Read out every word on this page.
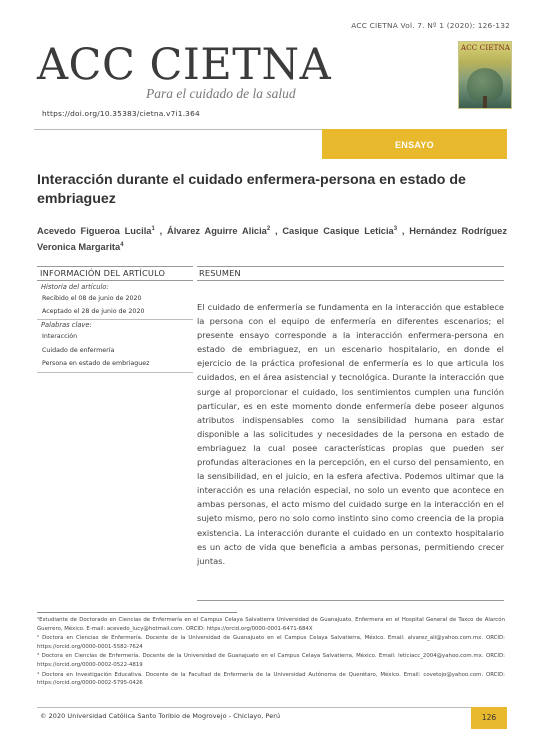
ACC CIETNA Vol. 7. Nº 1 (2020): 126-132
ACC CIETNA
Para el cuidado de la salud
ACC CIETNA
https://doi.org/10.35383/cietna.v7i1.364
ENSAYO
Interacción durante el cuidado enfermera-persona en estado de embriaguez
Acevedo Figueroa Lucila$^1$ , Álvarez Aguirre Alicia$^2$ , Casique Casique Leticia$^3$ , Hernández Rodríguez Veronica Margarita$^4$
INFORMACIÓN DEL ARTÍCULO	RESUMEN
Historia del artículo:
Recibido el 08 de junio de 2020
Aceptado el 28 de junio de 2020
Palabras clave:
Interacción
Cuidado de enfermería
Persona en estado de embriaguez

El cuidado de enfermería se fundamenta en la interacción que establece la persona con el equipo de enfermería en diferentes escenarios; el presente ensayo corresponde a la interacción enfermera-persona en estado de embriaguez, en un escenario hospitalario, en donde el ejercicio de la práctica profesional de enfermería es lo que articula los cuidados, en el área asistencial y tecnológica. Durante la interacción que surge al proporcionar el cuidado, los sentimientos cumplen una función particular, es en este momento donde enfermería debe poseer algunos atributos indispensables como la sensibilidad humana para estar disponible a las solicitudes y necesidades de la persona en estado de embriaguez la cual posee características propias que pueden ser profundas alteraciones en la percepción, en el curso del pensamiento, en la sensibilidad, en el juicio, en la esfera afectiva. Podemos ultimar que la interacción es una relación especial, no solo un evento que acontece en ambas personas, el acto mismo del cuidado surge en la interacción en el sujeto mismo, pero no solo como instinto sino como creencia de la propia existencia. La interacción durante el cuidado en un contexto hospitalario es un acto de vida que beneficia a ambas personas, permitiendo crecer juntas.

¹Estudiante de Doctorado en Ciencias de Enfermería en el Campus Celaya Salvatierra Universidad de Guanajuato. Enfermera en el Hospital General de Taxco de Alarcón Guerrero, México. E-mail: acevedo_lucy@hotmail.com. ORCID: https://orcid.org/0000-0001-6471-684X

² Doctora en Ciencias de Enfermería. Docente de la Universidad de Guanajuato en el Campus Celaya Salvatierra, México. Email: alvarez_ali@yahoo.com.mx. ORCID: https://orcid.org/0000-0001-5582-7624

³ Doctora en Ciencias de Enfermería. Docente de la Universidad de Guanajuato en el Campus Celaya Salvatierra, México. Email: leticiacc_2004@yahoo.com.mx. ORCID: https://orcid.org/0000-0002-0522-4819

⁴ Doctora en Investigación Educativa. Docente de la Facultad de Enfermería de la Universidad Autónoma de Querétaro, México. Email: covetojo@yahoo.com. ORCID: https://orcid.org/0000-0002-5795-0426

© 2020 Universidad Católica Santo Toribio de Mogrovejo - Chiclayo, Perú	126
